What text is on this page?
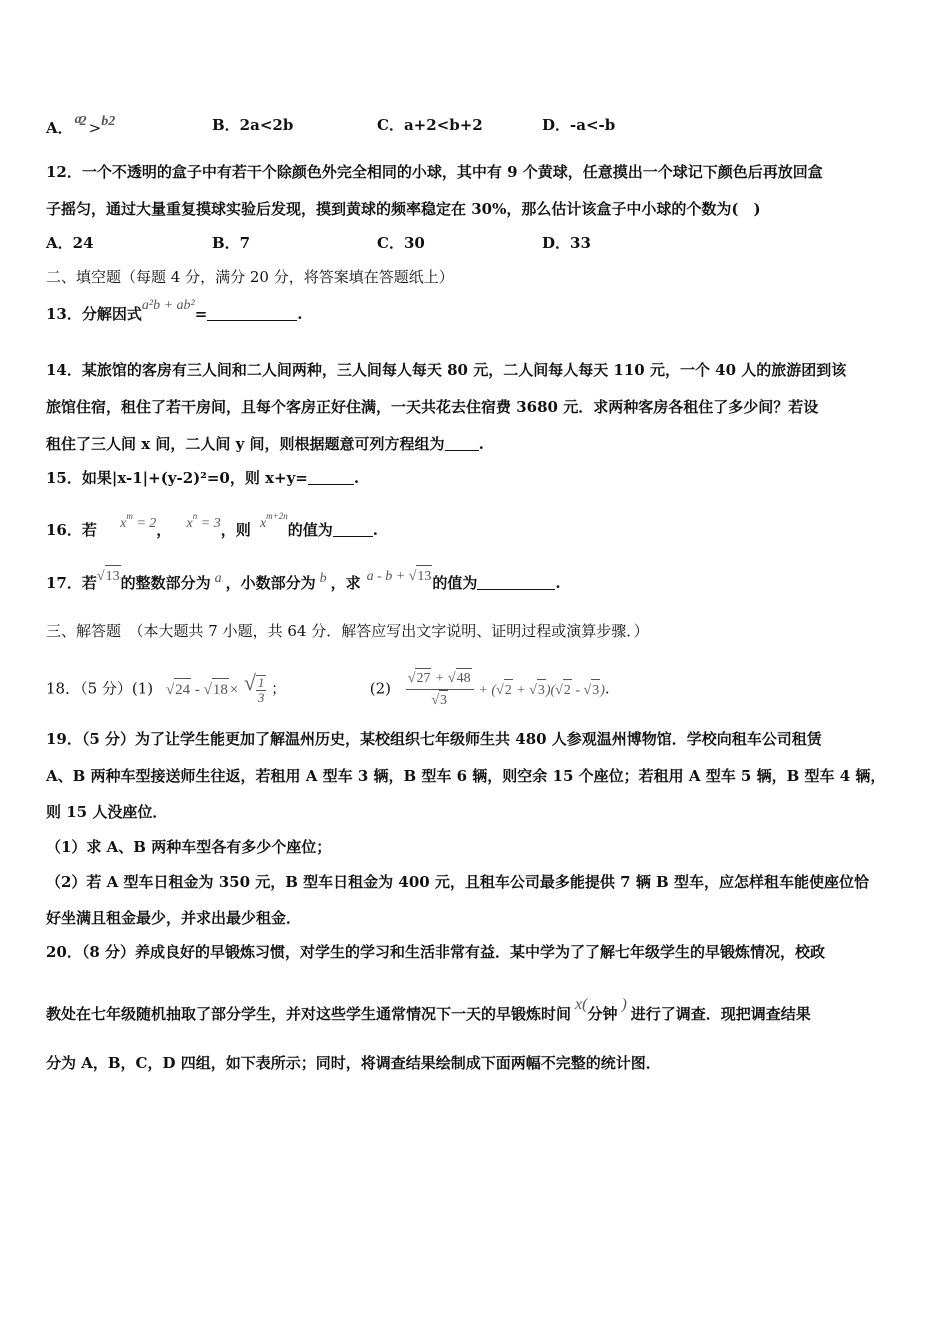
A． $a^2 >b^2$	B．2a<2b	C．a+2<b+2	D．-a<-b
12．一个不透明的盒子中有若干个除颜色外完全相同的小球，其中有 9 个黄球，任意摸出一个球记下颜色后再放回盒
子摇匀，通过大量重复摸球实验后发现，摸到黄球的频率稳定在 30%，那么估计该盒子中小球的个数为(　)
A．24	B．7	C．30	D．33
二、填空题（每题 4 分，满分 20 分，将答案填在答题纸上）
13．分解因式a²b + ab²=	.
14．某旅馆的客房有三人间和二人间两种，三人间每人每天 80 元，二人间每人每天 110 元，一个 40 人的旅游团到该
旅馆住宿，租住了若干房间，且每个客房正好住满，一天共花去住宿费 3680 元．求两种客房各租住了多少间？若设
租住了三人间 x 间，二人间 y 间，则根据题意可列方程组为 .
15．如果|x-1|+(y-2)²=0，则 x+y=	.
16．若 $x^m = 2$， $x^n = 3$，则 $x^{m+2n}$的值为	.
17．若√13的整数部分为 a ，小数部分为 b ，求 a - b + √13的值为	.
三、解答题　（本大题共 7 小题，共 64 分．解答应写出文字说明、证明过程或演算步骤．）
18．（5 分）(1) $√24 - √18\times √\frac{1}{3}$ ；	$(2) \frac{√27 + √48}{√3} + (√2 + √3)(√2 - √3)$.
19．（5 分）为了让学生能更加了解温州历史，某校组织七年级师生共 480 人参观温州博物馆．学校向租车公司租赁
A、B 两种车型接送师生往返，若租用 A 型车 3 辆，B 型车 6 辆，则空余 15 个座位；若租用 A 型车 5 辆，B 型车 4 辆，
则 15 人没座位．
（1）求 A、B 两种车型各有多少个座位；
（2）若 A 型车日租金为 350 元，B 型车日租金为 400 元，且租车公司最多能提供 7 辆 B 型车，应怎样租车能使座位恰
好坐满且租金最少，并求出最少租金．
20．（8 分）养成良好的早锻炼习惯，对学生的学习和生活非常有益．某中学为了了解七年级学生的早锻炼情况，校政
教处在七年级随机抽取了部分学生，并对这些学生通常情况下一天的早锻炼时间x(分钟)进行了调查．现把调查结果
分为 A，B，C，D 四组，如下表所示；同时，将调查结果绘制成下面两幅不完整的统计图．
